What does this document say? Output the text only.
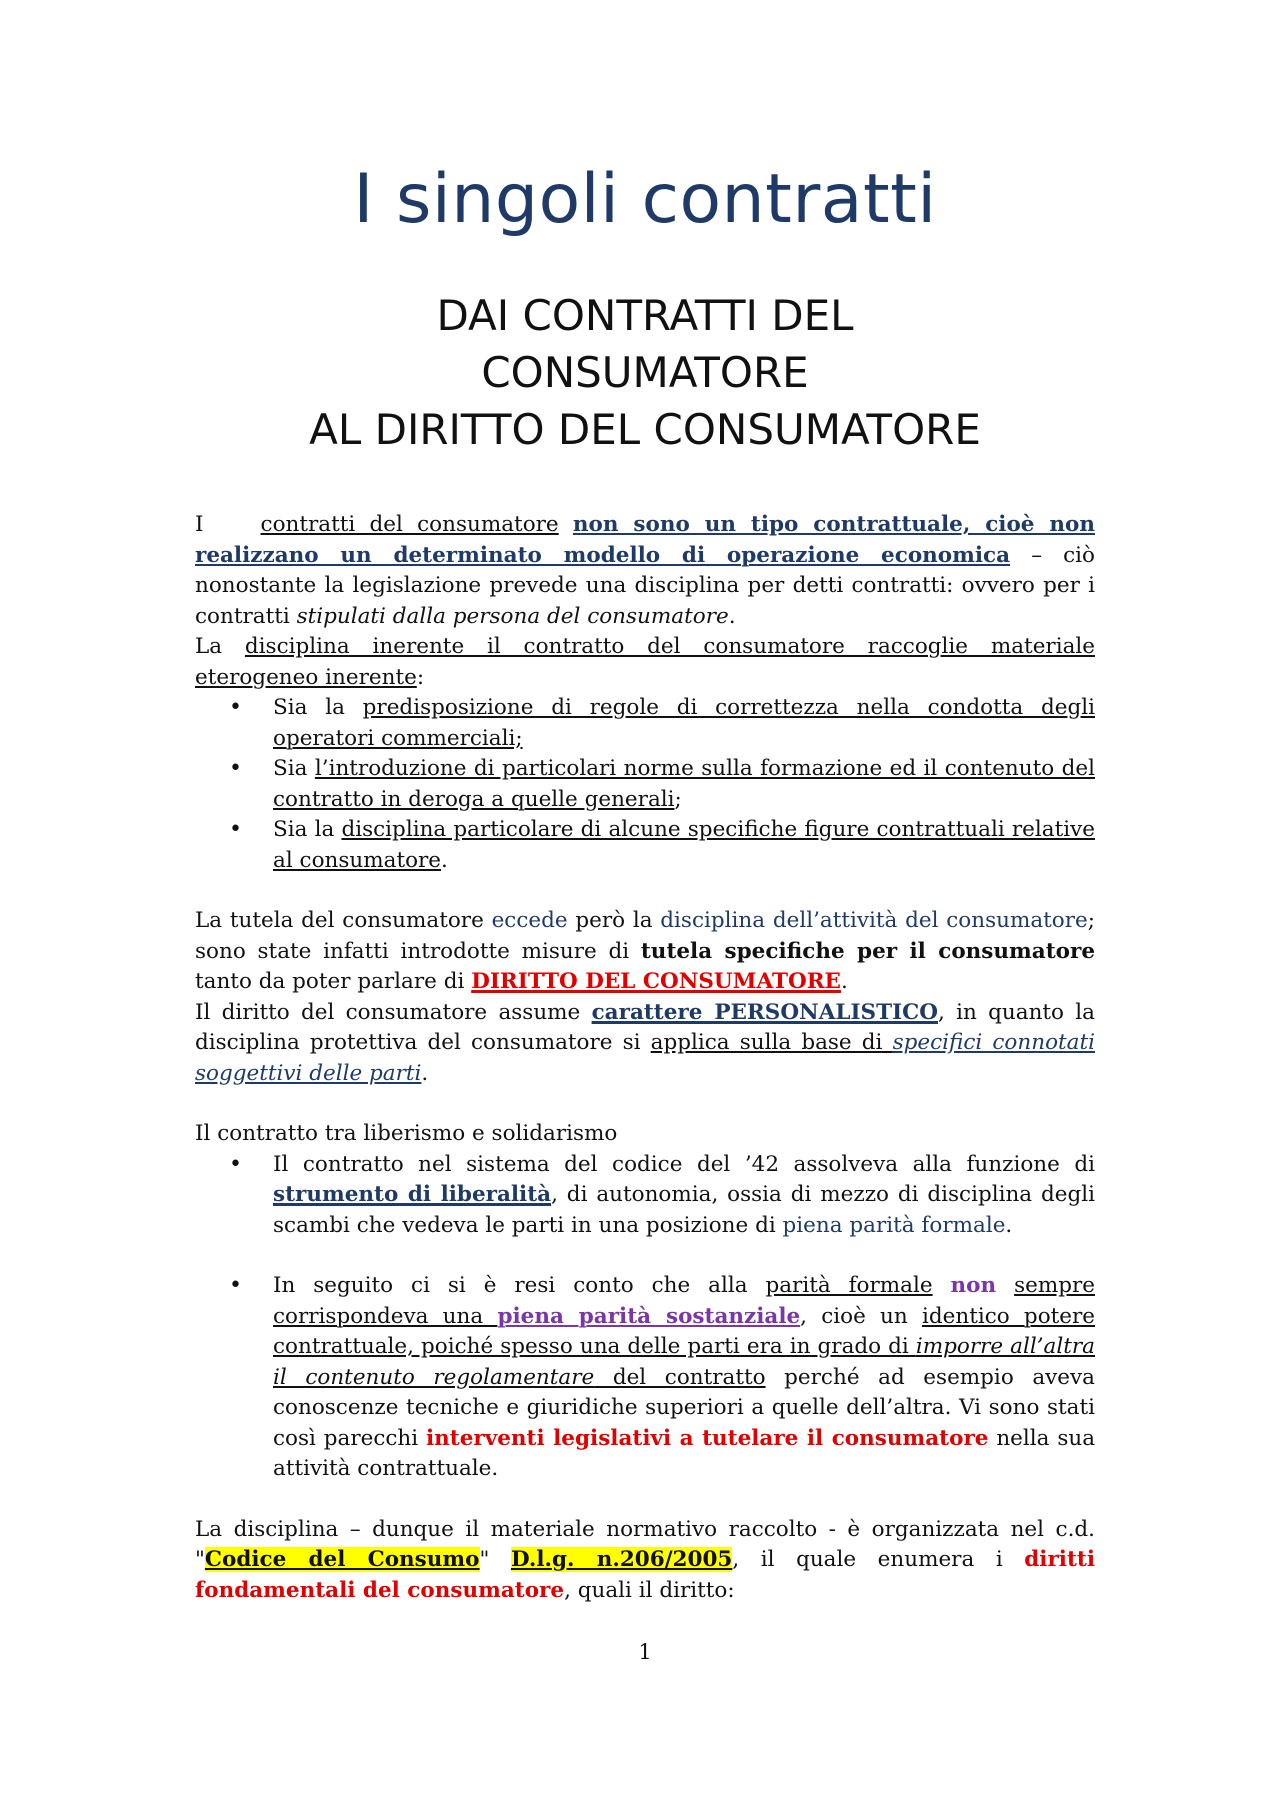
I singoli contratti
DAI CONTRATTI DEL
CONSUMATORE
AL DIRITTO DEL CONSUMATORE

I	contratti del consumatore non sono un tipo contrattuale, cioè non realizzano un determinato modello di operazione economica – ciò nonostante la legislazione prevede una disciplina per detti contratti: ovvero per i contratti stipulati dalla persona del consumatore.

La disciplina inerente il contratto del consumatore raccoglie materiale eterogeneo inerente:

• Sia la predisposizione di regole di correttezza nella condotta degli operatori commerciali;
• Sia l’introduzione di particolari norme sulla formazione ed il contenuto del contratto in deroga a quelle generali;
• Sia la disciplina particolare di alcune specifiche figure contrattuali relative al consumatore.

La tutela del consumatore eccede però la disciplina dell’attività del consumatore; sono state infatti introdotte misure di tutela specifiche per il consumatore tanto da poter parlare di DIRITTO DEL CONSUMATORE.

Il diritto del consumatore assume carattere PERSONALISTICO, in quanto la disciplina protettiva del consumatore si applica sulla base di specifici connotati soggettivi delle parti.

Il contratto tra liberismo e solidarismo

• Il contratto nel sistema del codice del ’42 assolveva alla funzione di strumento di liberalità, di autonomia, ossia di mezzo di disciplina degli scambi che vedeva le parti in una posizione di piena parità formale.
• In seguito ci si è resi conto che alla parità formale non sempre corrispondeva una piena parità sostanziale, cioè un identico potere contrattuale, poiché spesso una delle parti era in grado di imporre all’altra il contenuto regolamentare del contratto perché ad esempio aveva conoscenze tecniche e giuridiche superiori a quelle dell’altra. Vi sono stati così parecchi interventi legislativi a tutelare il consumatore nella sua attività contrattuale.

La disciplina – dunque il materiale normativo raccolto - è organizzata nel c.d. "Codice del Consumo" D.l.g. n.206/2005, il quale enumera i diritti fondamentali del consumatore, quali il diritto:

1
